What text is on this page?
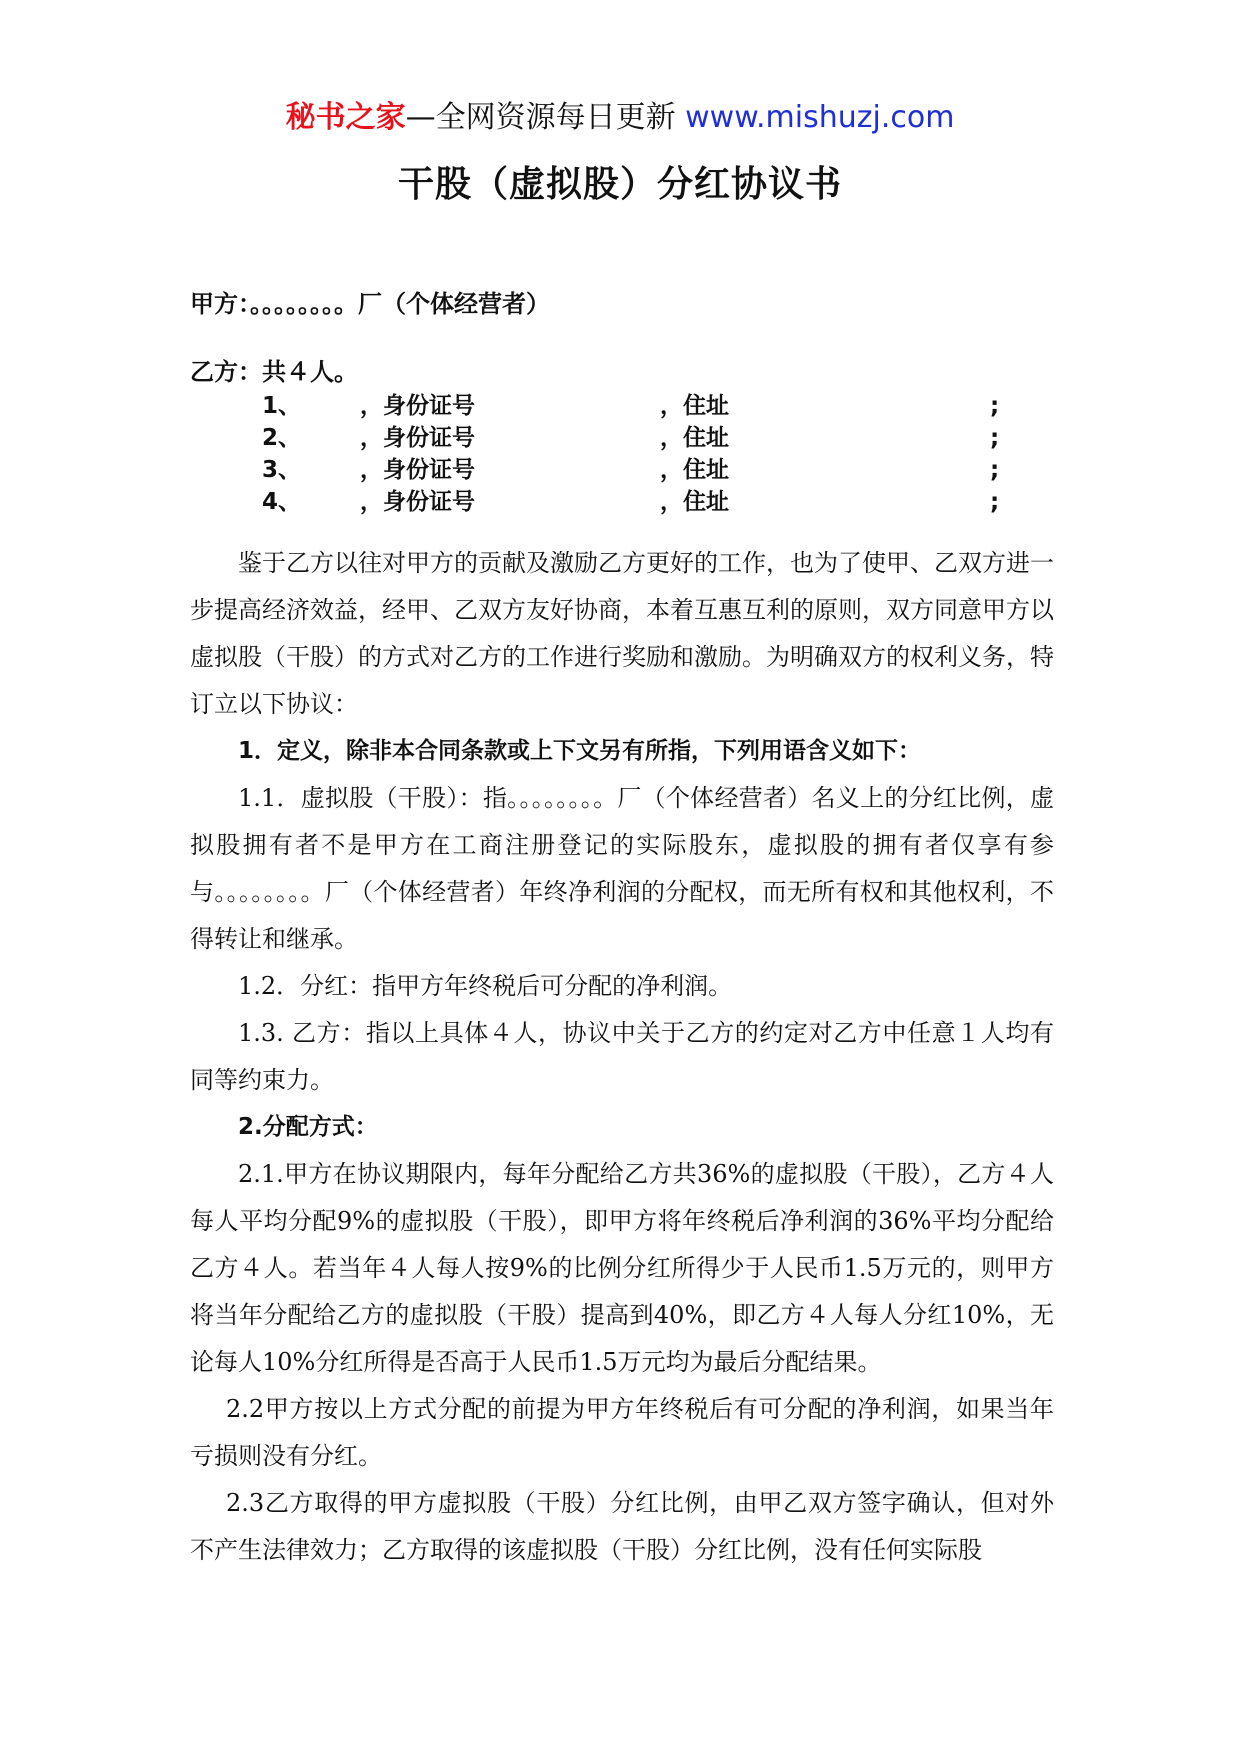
秘书之家—全网资源每日更新 www.mishuzj.com
干股（虚拟股）分红协议书
甲方：。。。。。。。。厂（个体经营者）
乙方：共４人。
1、	，身份证号	，住址	;
2、	，身份证号	，住址	;
3、	，身份证号	，住址	;
4、	，身份证号	，住址	;

鉴于乙方以往对甲方的贡献及激励乙方更好的工作，也为了使甲、乙双方进一步提高经济效益，经甲、乙双方友好协商，本着互惠互利的原则，双方同意甲方以虚拟股（干股）的方式对乙方的工作进行奖励和激励。为明确双方的权利义务，特订立以下协议：

1．定义，除非本合同条款或上下文另有所指，下列用语含义如下：

1.1．虚拟股（干股）：指。。。。。。。。厂（个体经营者）名义上的分红比例，虚拟股拥有者不是甲方在工商注册登记的实际股东，虚拟股的拥有者仅享有参与。。。。。。。。厂（个体经营者）年终净利润的分配权，而无所有权和其他权利，不得转让和继承。

1.2．分红：指甲方年终税后可分配的净利润。

1.3. 乙方：指以上具体４人，协议中关于乙方的约定对乙方中任意１人均有同等约束力。

2.分配方式：

2.1.甲方在协议期限内，每年分配给乙方共36%的虚拟股（干股），乙方４人每人平均分配9%的虚拟股（干股），即甲方将年终税后净利润的36%平均分配给乙方４人。若当年４人每人按9%的比例分红所得少于人民币1.5万元的，则甲方将当年分配给乙方的虚拟股（干股）提高到40%，即乙方４人每人分红10%，无论每人10%分红所得是否高于人民币1.5万元均为最后分配结果。

2.2甲方按以上方式分配的前提为甲方年终税后有可分配的净利润，如果当年亏损则没有分红。

2.3乙方取得的甲方虚拟股（干股）分红比例，由甲乙双方签字确认，但对外不产生法律效力；乙方取得的该虚拟股（干股）分红比例，没有任何实际股
